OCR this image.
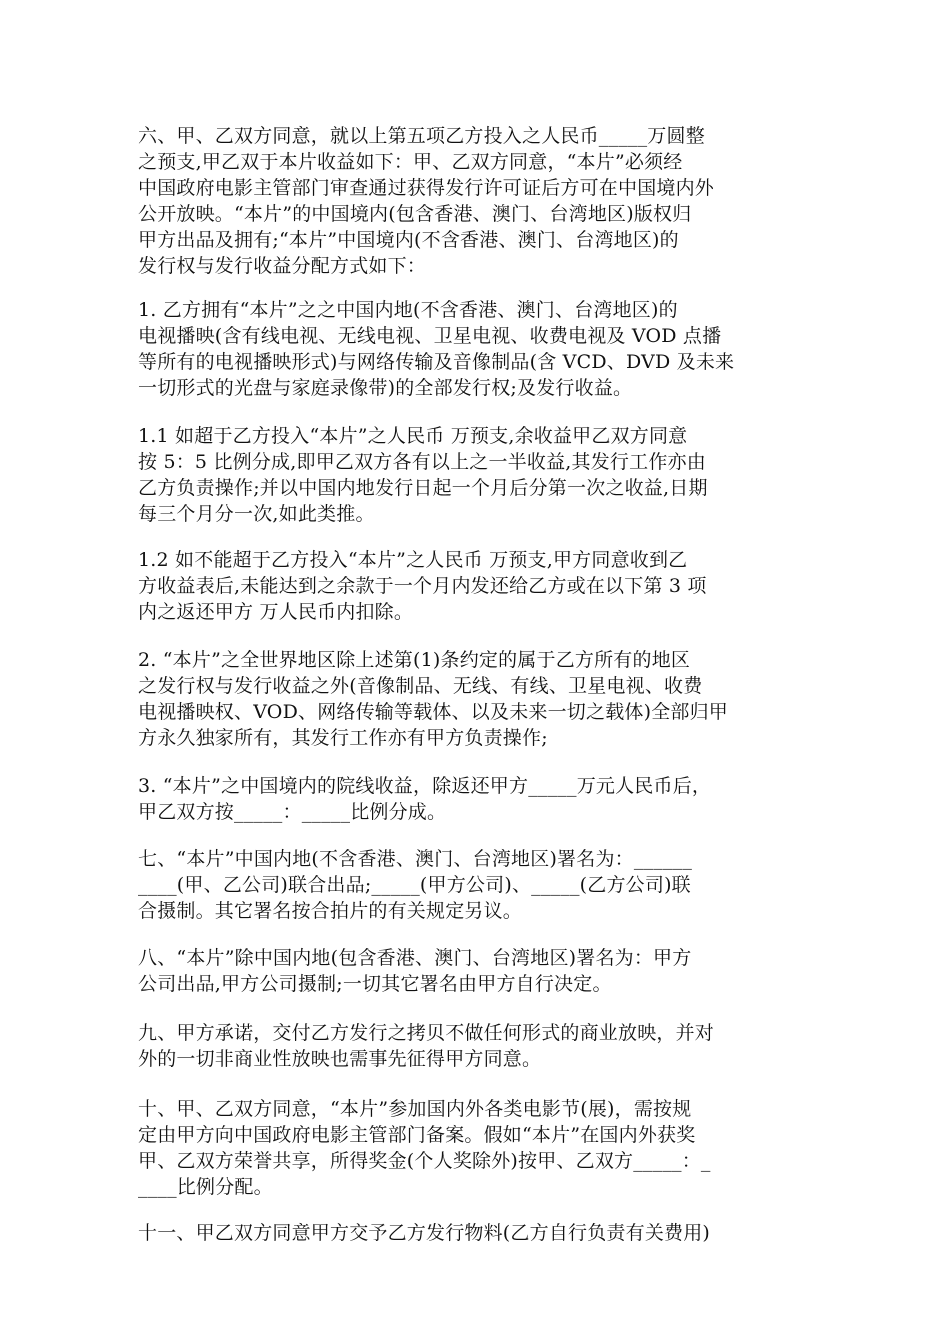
六、甲、乙双方同意，就以上第五项乙方投入之人民币_____万圆整
之预支,甲乙双于本片收益如下：甲、乙双方同意，“本片”必须经
中国政府电影主管部门审查通过获得发行许可证后方可在中国境内外
公开放映。“本片”的中国境内(包含香港、澳门、台湾地区)版权归
甲方出品及拥有;“本片”中国境内(不含香港、澳门、台湾地区)的
发行权与发行收益分配方式如下：
1. 乙方拥有“本片”之之中国内地(不含香港、澳门、台湾地区)的
电视播映(含有线电视、无线电视、卫星电视、收费电视及 VOD 点播
等所有的电视播映形式)与网络传输及音像制品(含 VCD、DVD 及未来
一切形式的光盘与家庭录像带)的全部发行权;及发行收益。
1.1 如超于乙方投入“本片”之人民币 万预支,余收益甲乙双方同意
按 5：5 比例分成,即甲乙双方各有以上之一半收益,其发行工作亦由
乙方负责操作;并以中国内地发行日起一个月后分第一次之收益,日期
每三个月分一次,如此类推。
1.2 如不能超于乙方投入“本片”之人民币 万预支,甲方同意收到乙
方收益表后,未能达到之余款于一个月内发还给乙方或在以下第 3 项
内之返还甲方 万人民币内扣除。
2. “本片”之全世界地区除上述第(1)条约定的属于乙方所有的地区
之发行权与发行收益之外(音像制品、无线、有线、卫星电视、收费
电视播映权、VOD、网络传输等载体、以及未来一切之载体)全部归甲
方永久独家所有，其发行工作亦有甲方负责操作;
3. “本片”之中国境内的院线收益，除返还甲方_____万元人民币后，
甲乙双方按_____：_____比例分成。
七、“本片”中国内地(不含香港、澳门、台湾地区)署名为：______
____(甲、乙公司)联合出品;_____(甲方公司)、_____(乙方公司)联
合摄制。其它署名按合拍片的有关规定另议。
八、“本片”除中国内地(包含香港、澳门、台湾地区)署名为：甲方
公司出品,甲方公司摄制;一切其它署名由甲方自行决定。
九、甲方承诺，交付乙方发行之拷贝不做任何形式的商业放映，并对
外的一切非商业性放映也需事先征得甲方同意。
十、甲、乙双方同意，“本片”参加国内外各类电影节(展)，需按规
定由甲方向中国政府电影主管部门备案。假如“本片”在国内外获奖
甲、乙双方荣誉共享，所得奖金(个人奖除外)按甲、乙双方_____：_
____比例分配。
十一、甲乙双方同意甲方交予乙方发行物料(乙方自行负责有关费用)
